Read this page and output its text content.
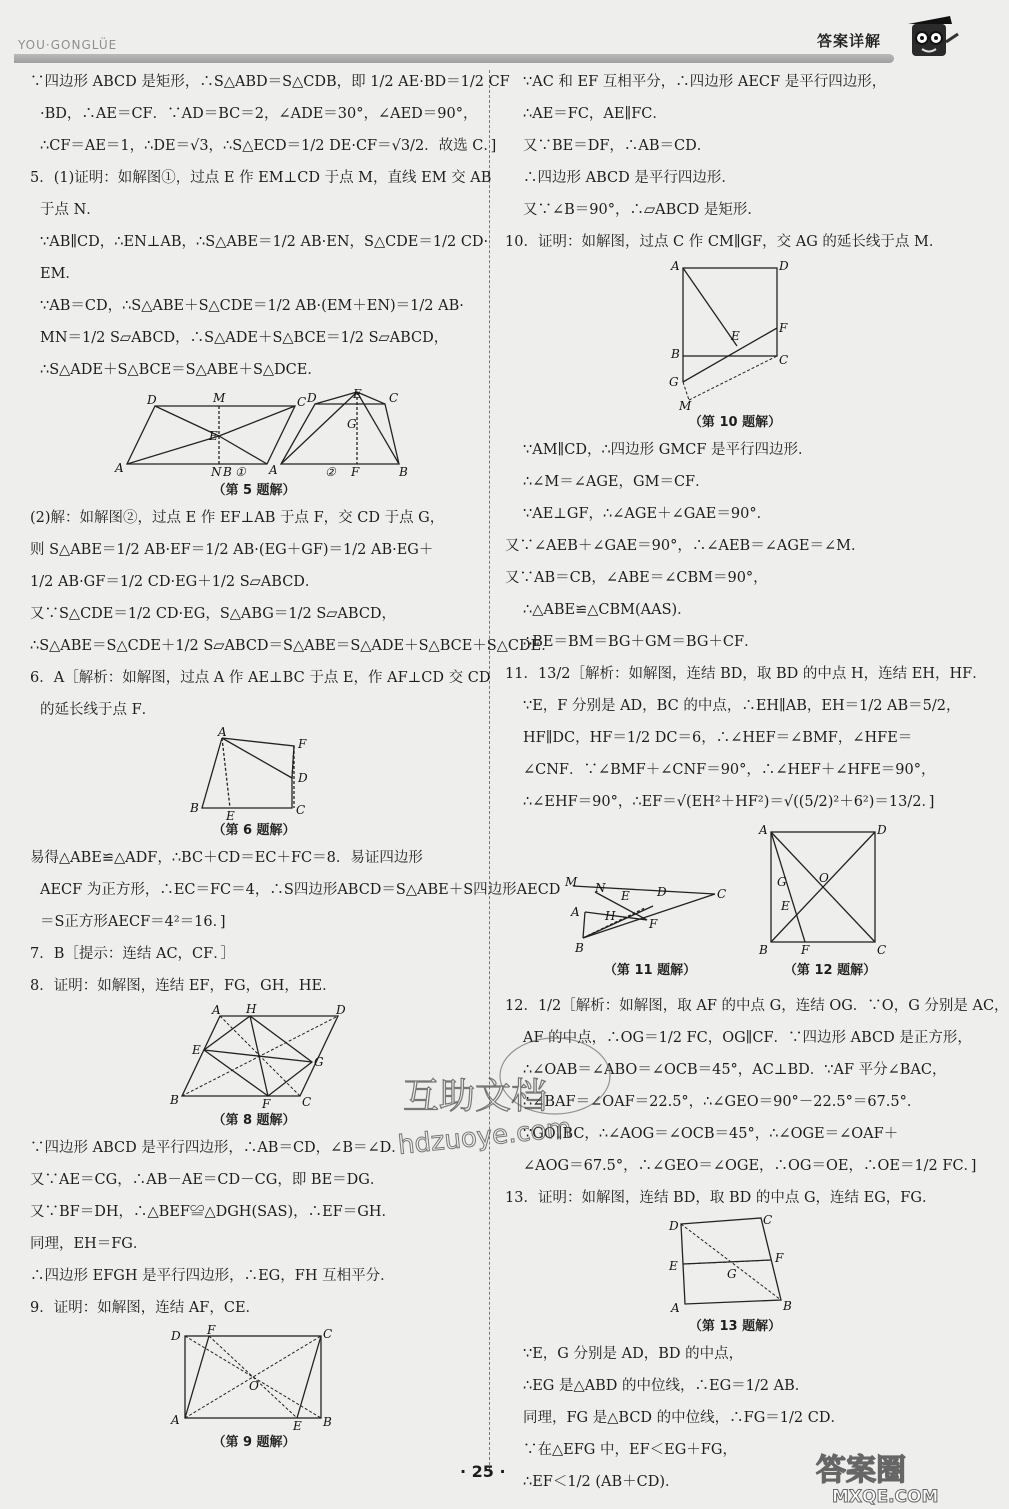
YOU·GONGLÜE	答案详解

∵四边形 ABCD 是矩形，∴S△ABD＝S△CDB，即 1/2 AE·BD＝1/2 CF

·BD，∴AE＝CF．∵AD＝BC＝2，∠ADE＝30°，∠AED＝90°，

∴CF＝AE＝1，∴DE＝√3，∴S△ECD＝1/2 DE·CF＝√3/2．故选 C．]

5．(1)证明：如解图①，过点 E 作 EM⊥CD 于点 M，直线 EM 交 AB

于点 N．

∵AB∥CD，∴EN⊥AB，∴S△ABE＝1/2 AB·EN，S△CDE＝1/2 CD·

EM．

∵AB＝CD，∴S△ABE＋S△CDE＝1/2 AB·(EM＋EN)＝1/2 AB·

MN＝1/2 S▱ABCD，∴S△ADE＋S△BCE＝1/2 S▱ABCD，

∴S△ADE＋S△BCE＝S△ABE＋S△DCE．

D	M	C
E
A	N B ①
E
D
G
C
A	F	B
②
（第 5 题解）

(2)解：如解图②，过点 E 作 EF⊥AB 于点 F，交 CD 于点 G，

则 S△ABE＝1/2 AB·EF＝1/2 AB·(EG＋GF)＝1/2 AB·EG＋

1/2 AB·GF＝1/2 CD·EG＋1/2 S▱ABCD．

又∵S△CDE＝1/2 CD·EG，S△ABG＝1/2 S▱ABCD，

∴S△ABE＝S△CDE＋1/2 S▱ABCD＝S△ABE＝S△ADE＋S△BCE＋S△CDE．

6．A［解析：如解图，过点 A 作 AE⊥BC 于点 E，作 AF⊥CD 交 CD

的延长线于点 F．

A
F
D
B
E	C
（第 6 题解）

易得△ABE≌△ADF，∴BC＋CD＝EC＋FC＝8．易证四边形

AECF 为正方形，∴EC＝FC＝4，∴S四边形ABCD＝S△ABE＋S四边形AECD

＝S正方形AECF＝4²＝16．]

7．B［提示：连结 AC，CF．］

8．证明：如解图，连结 EF，FG，GH，HE．

A H	D
E
G
B	F	C
（第 8 题解）

∵四边形 ABCD 是平行四边形，∴AB＝CD，∠B＝∠D．

又∵AE＝CG，∴AB－AE＝CD－CG，即 BE＝DG．

又∵BF＝DH，∴△BEF≌△DGH(SAS)，∴EF＝GH．

同理，EH＝FG．

∴四边形 EFGH 是平行四边形，∴EG，FH 互相平分．

9．证明：如解图，连结 AF，CE．

D F	C
O
A	E B
（第 9 题解）

∵AC 和 EF 互相平分，∴四边形 AECF 是平行四边形，

∴AE＝FC，AE∥FC．

又∵BE＝DF，∴AB＝CD．

∴四边形 ABCD 是平行四边形．

又∵∠B＝90°，∴▱ABCD 是矩形．

10．证明：如解图，过点 C 作 CM∥GF，交 AG 的延长线于点 M．

A	D
E
F
B	C
G
M
（第 10 题解）

∵AM∥CD，∴四边形 GMCF 是平行四边形．

∴∠M＝∠AGE，GM＝CF．

∵AE⊥GF，∴∠AGE＋∠GAE＝90°．

又∵∠AEB＋∠GAE＝90°，∴∠AEB＝∠AGE＝∠M．

又∵AB＝CB，∠ABE＝∠CBM＝90°，

∴△ABE≌△CBM(AAS)．

∴BE＝BM＝BG＋GM＝BG＋CF．

11．13/2［解析：如解图，连结 BD，取 BD 的中点 H，连结 EH，HF．

∵E，F 分别是 AD，BC 的中点，∴EH∥AB，EH＝1/2 AB＝5/2，

HF∥DC，HF＝1/2 DC＝6，∴∠HEF＝∠BMF，∠HFE＝

∠CNF．∵∠BMF＋∠CNF＝90°，∴∠HEF＋∠HFE＝90°，

∴∠EHF＝90°，∴EF＝√(EH²＋HF²)＝√((5/2)²＋6²)＝13/2．]

M N
E D	C
A H
F
B
（第 11 题解）
A	D
O
G
E
B	F	C
（第 12 题解）

12．1/2［解析：如解图，取 AF 的中点 G，连结 OG．∵O，G 分别是 AC，

AF 的中点，∴OG＝1/2 FC，OG∥CF．∵四边形 ABCD 是正方形，

∴∠OAB＝∠ABO＝∠OCB＝45°，AC⊥BD．∵AF 平分∠BAC，

∴∠BAF＝∠OAF＝22.5°，∴∠GEO＝90°－22.5°＝67.5°．

∵GO∥BC，∴∠AOG＝∠OCB＝45°，∴∠OGE＝∠OAF＋

∠AOG＝67.5°，∴∠GEO＝∠OGE，∴OG＝OE，∴OE＝1/2 FC．]

13．证明：如解图，连结 BD，取 BD 的中点 G，连结 EG，FG．

C
D
F
E
G
A	B
（第 13 题解）

∵E，G 分别是 AD，BD 的中点，

∴EG 是△ABD 的中位线，∴EG＝1/2 AB．

同理，FG 是△BCD 的中位线，∴FG＝1/2 CD．

∵在△EFG 中，EF＜EG＋FG，

∴EF＜1/2 (AB＋CD)．

互助文档
hdzuoye.com
· 25 ·	答案圈
MXQE.COM
